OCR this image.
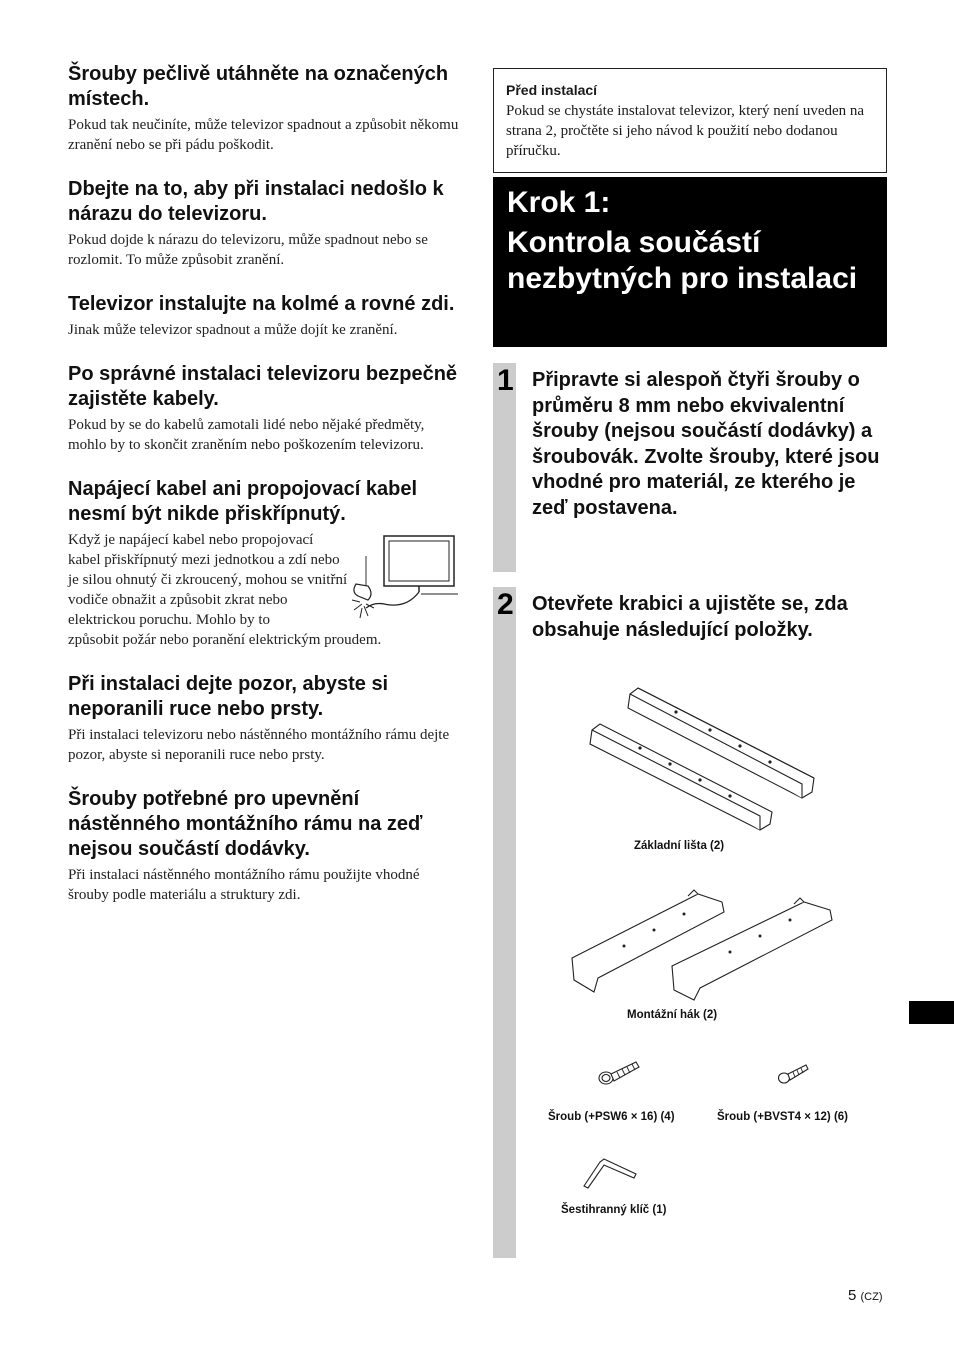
Šrouby pečlivě utáhněte na označených místech.
Pokud tak neučiníte, může televizor spadnout a způsobit někomu zranění nebo se při pádu poškodit.
Dbejte na to, aby při instalaci nedošlo k nárazu do televizoru.
Pokud dojde k nárazu do televizoru, může spadnout nebo se rozlomit. To může způsobit zranění.
Televizor instalujte na kolmé a rovné zdi.
Jinak může televizor spadnout a může dojít ke zranění.
Po správné instalaci televizoru bezpečně zajistěte kabely.
Pokud by se do kabelů zamotali lidé nebo nějaké předměty, mohlo by to skončit zraněním nebo poškozením televizoru.
Napájecí kabel ani propojovací kabel nesmí být nikde přiskřípnutý.
Když je napájecí kabel nebo propojovací kabel přiskřípnutý mezi jednotkou a zdí nebo je silou ohnutý či zkroucený, mohou se vnitřní vodiče obnažit a způsobit zkrat nebo elektrickou poruchu. Mohlo by to
způsobit požár nebo poranění elektrickým proudem.
Při instalaci dejte pozor, abyste si neporanili ruce nebo prsty.
Při instalaci televizoru nebo nástěnného montážního rámu dejte pozor, abyste si neporanili ruce nebo prsty.
Šrouby potřebné pro upevnění nástěnného montážního rámu na zeď nejsou součástí dodávky.
Při instalaci nástěnného montážního rámu použijte vhodné šrouby podle materiálu a struktury zdi.
Před instalací
Pokud se chystáte instalovat televizor, který není uveden na strana 2, pročtěte si jeho návod k použití nebo dodanou příručku.
Krok 1:
Kontrola součástí nezbytných pro instalaci
1 Připravte si alespoň čtyři šrouby o průměru 8 mm nebo ekvivalentní šrouby (nejsou součástí dodávky) a šroubovák. Zvolte šrouby, které jsou vhodné pro materiál, ze kterého je zeď postavena.
2 Otevřete krabici a ujistěte se, zda obsahuje následující položky.
Základní lišta (2)
Montážní hák (2)
Šroub (+PSW6 × 16) (4)	Šroub (+BVST4 × 12) (6)
Šestihranný klíč (1)
5 (CZ)
